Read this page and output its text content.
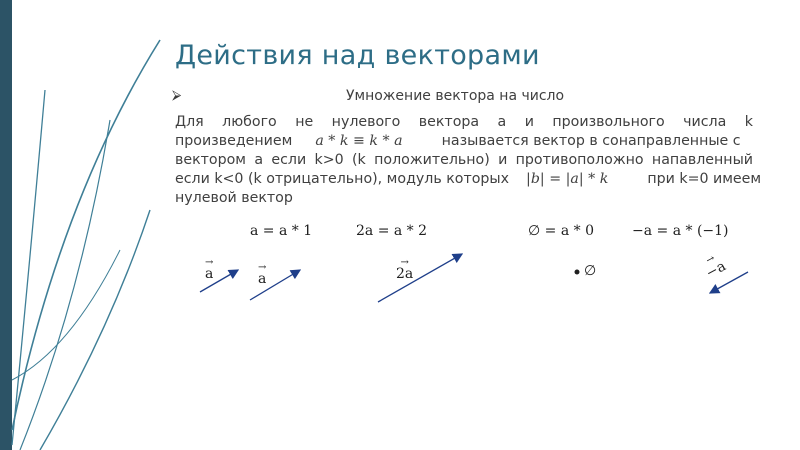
Действия над векторами
⮚	Умножение вектора на число
Для любого не нулевого вектора а и произвольного числа k
произведением a * k ≡ k * a	называется вектор в сонаправленные с
вектором а если k>0 (k положительно) и противоположно напавленный
если k<0 (k отрицательно), модуль которых |b| = |a| * k	при k=0 имеем
нулевой вектор
a = a * 1	2a = a * 2	∅ = a * 0	−a = a * (−1)
→ a	→ a	→ 2a	∅	→ −a
